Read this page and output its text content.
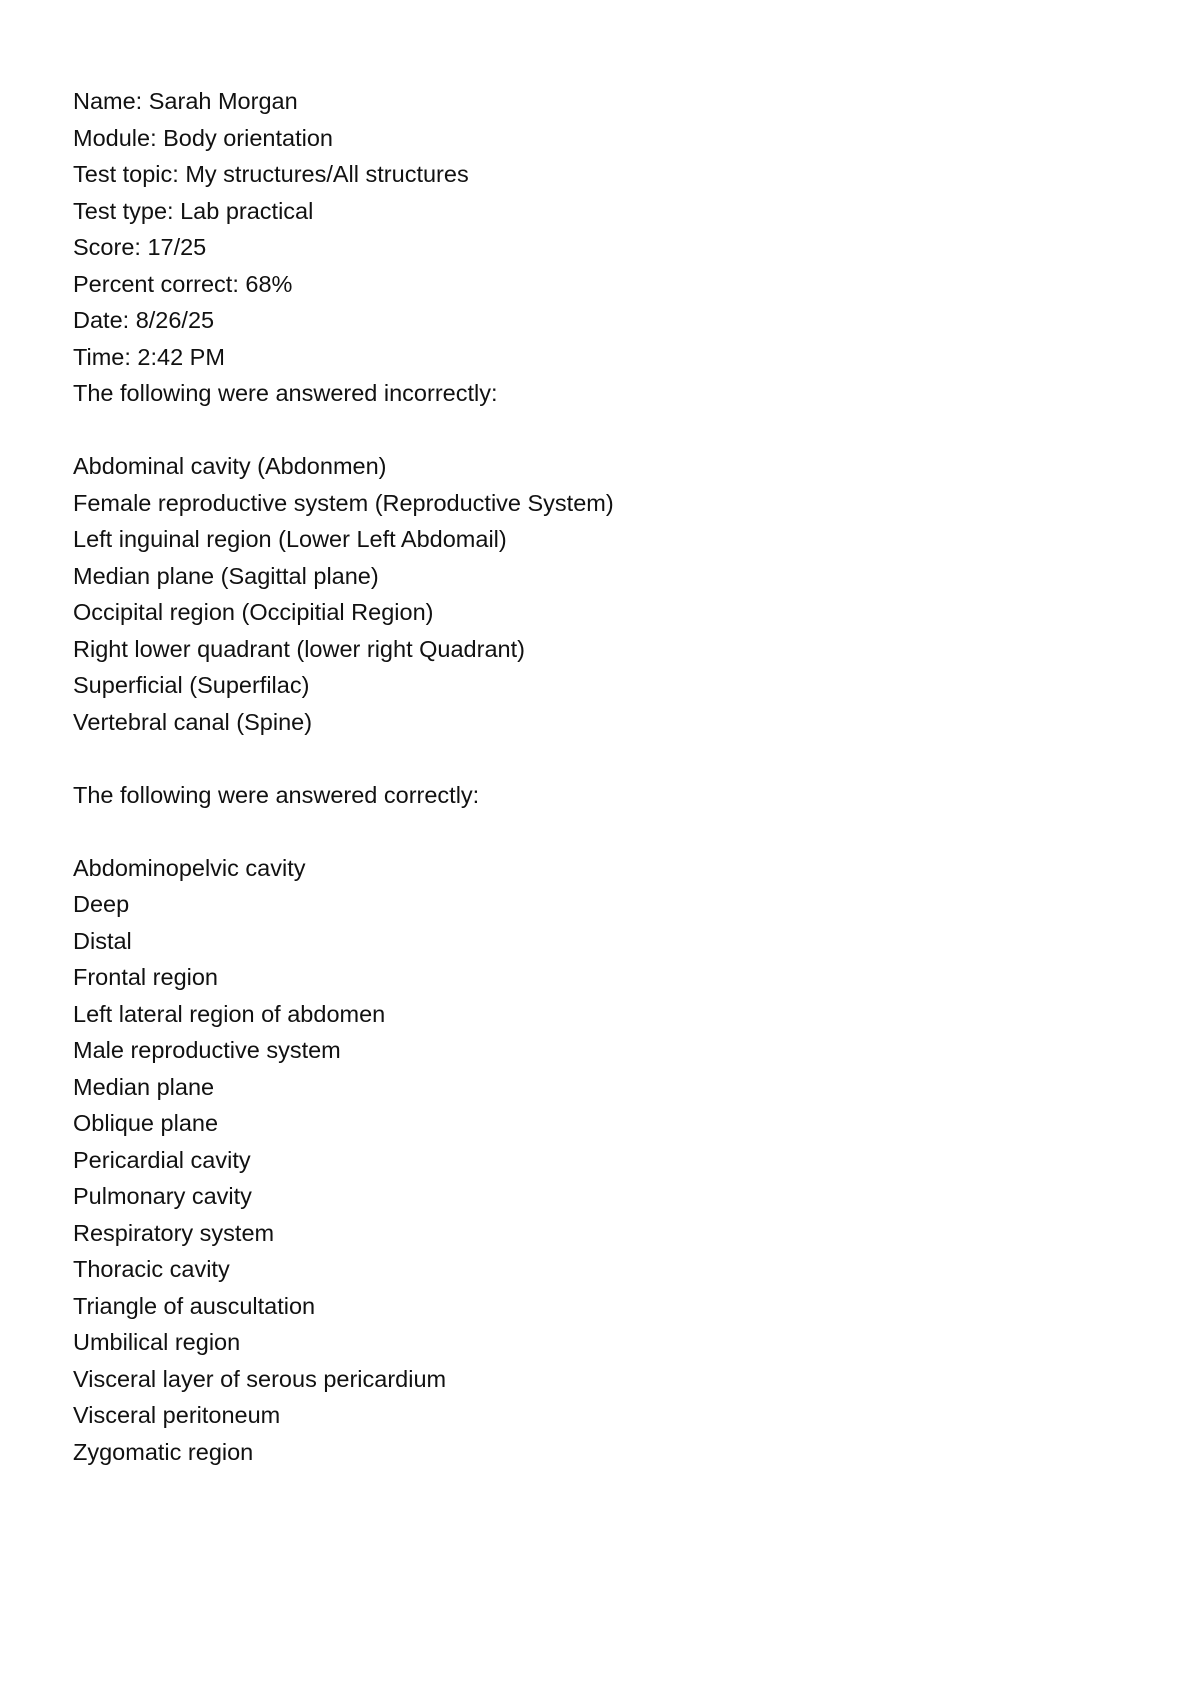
Name: Sarah Morgan
Module: Body orientation
Test topic: My structures/All structures
Test type: Lab practical
Score: 17/25
Percent correct: 68%
Date: 8/26/25
Time: 2:42 PM
The following were answered incorrectly:
Abdominal cavity (Abdonmen)
Female reproductive system (Reproductive System)
Left inguinal region (Lower Left Abdomail)
Median plane (Sagittal plane)
Occipital region (Occipitial Region)
Right lower quadrant (lower right Quadrant)
Superficial (Superfilac)
Vertebral canal (Spine)
The following were answered correctly:
Abdominopelvic cavity
Deep
Distal
Frontal region
Left lateral region of abdomen
Male reproductive system
Median plane
Oblique plane
Pericardial cavity
Pulmonary cavity
Respiratory system
Thoracic cavity
Triangle of auscultation
Umbilical region
Visceral layer of serous pericardium
Visceral peritoneum
Zygomatic region
